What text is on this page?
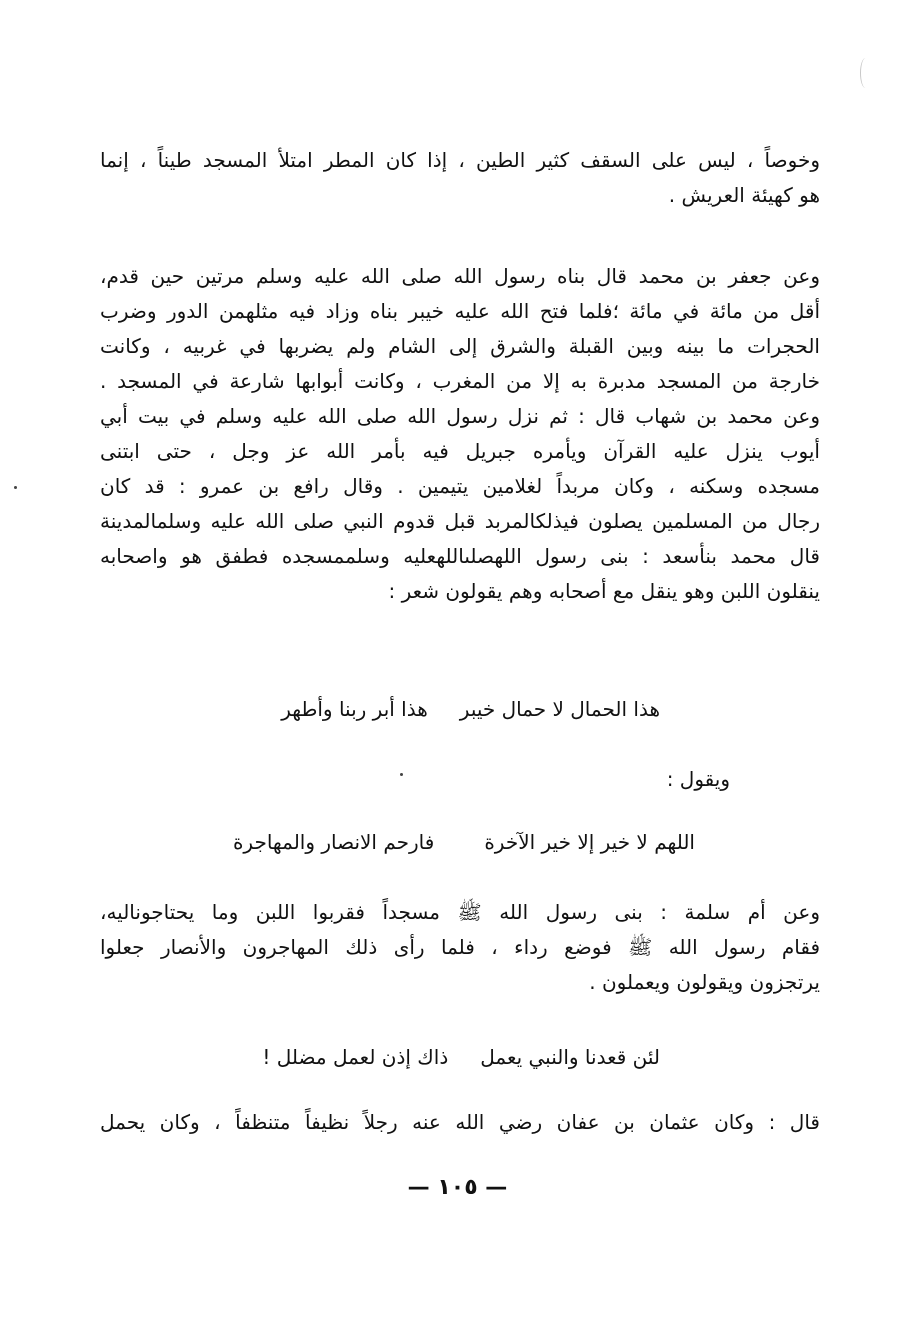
وخوصاً ، ليس على السقف كثير الطين ، إذا كان المطر امتلأ المسجد طيناً ، إنما
هو كهيئة العريش .
وعن جعفر بن محمد قال بناه رسول الله صلى الله عليه وسلم مرتين حين قدم،
أقل من مائة في مائة ؛فلما فتح الله عليه خيبر بناه وزاد فيه مثلهمن الدور وضرب
الحجرات ما بينه وبين القبلة والشرق إلى الشام ولم يضربها في غربيه ، وكانت
خارجة من المسجد مدبرة به إلا من المغرب ، وكانت أبوابها شارعة في المسجد .
وعن محمد بن شهاب قال : ثم نزل رسول الله صلى الله عليه وسلم في بيت أبي
أيوب ينزل عليه القرآن ويأمره جبريل فيه بأمر الله عز وجل ، حتى ابتنى
مسجده وسكنه ، وكان مربداً لغلامين يتيمين . وقال رافع بن عمرو : قد كان
رجال من المسلمين يصلون فيذلكالمربد قبل قدوم النبي صلى الله عليه وسلمالمدينة
قال محمد بنأسعد : بنى رسول اللهصلىاللهعليه وسلممسجده فطفق هو واصحابه
ينقلون اللبن وهو ينقل مع أصحابه وهم يقولون شعر :
هذا الحمال لا حمال خيبر
هذا أبر ربنا وأطهر
ويقول :
اللهم لا خير إلا خير الآخرة
فارحم الانصار والمهاجرة
وعن أم سلمة : بنى رسول الله ﷺ مسجداً فقربوا اللبن وما يحتاجونالیه،
فقام رسول الله ﷺ فوضع رداء ، فلما رأى ذلك المهاجرون والأنصار جعلوا
يرتجزون ويقولون ويعملون .
لئن قعدنا والنبي يعمل
ذاك إذن لعمل مضلل !
قال : وكان عثمان بن عفان رضي الله عنه رجلاً نظيفاً متنظفاً ، وكان يحمل
— ١٠٥ —
